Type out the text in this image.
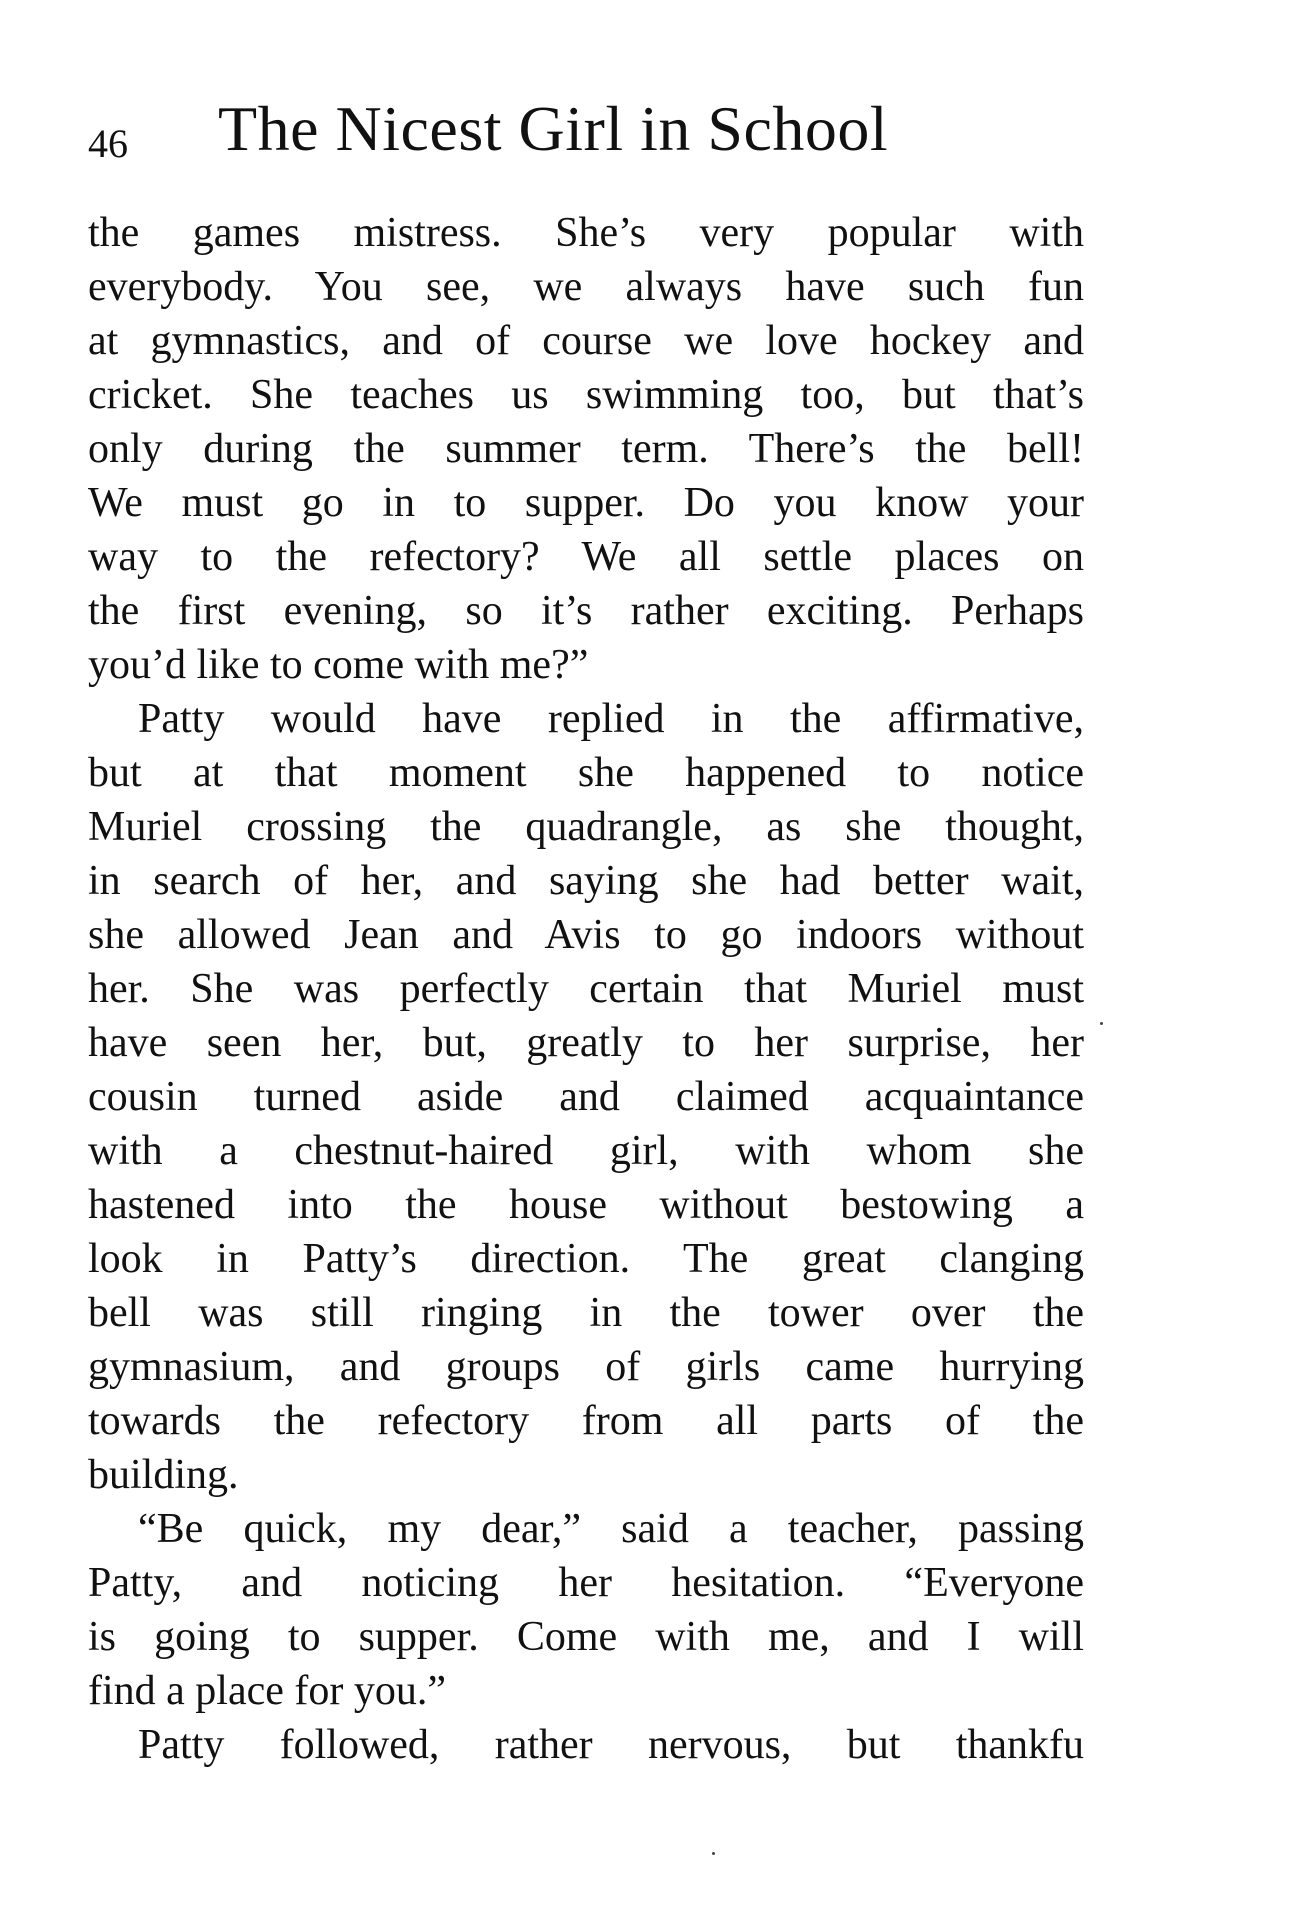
46 The Nicest Girl in School
the games mistress. She’s very popular with
everybody. You see, we always have such fun
at gymnastics, and of course we love hockey and
cricket. She teaches us swimming too, but that’s
only during the summer term. There’s the bell!
We must go in to supper. Do you know your
way to the refectory? We all settle places on
the first evening, so it’s rather exciting. Perhaps
you’d like to come with me?”
Patty would have replied in the affirmative,
but at that moment she happened to notice
Muriel crossing the quadrangle, as she thought,
in search of her, and saying she had better wait,
she allowed Jean and Avis to go indoors without
her. She was perfectly certain that Muriel must
have seen her, but, greatly to her surprise, her
cousin turned aside and claimed acquaintance
with a chestnut-haired girl, with whom she
hastened into the house without bestowing a
look in Patty’s direction. The great clanging
bell was still ringing in the tower over the
gymnasium, and groups of girls came hurrying
towards the refectory from all parts of the
building.
“Be quick, my dear,” said a teacher, passing
Patty, and noticing her hesitation. “Everyone
is going to supper. Come with me, and I will
find a place for you.”
Patty followed, rather nervous, but thankfu
